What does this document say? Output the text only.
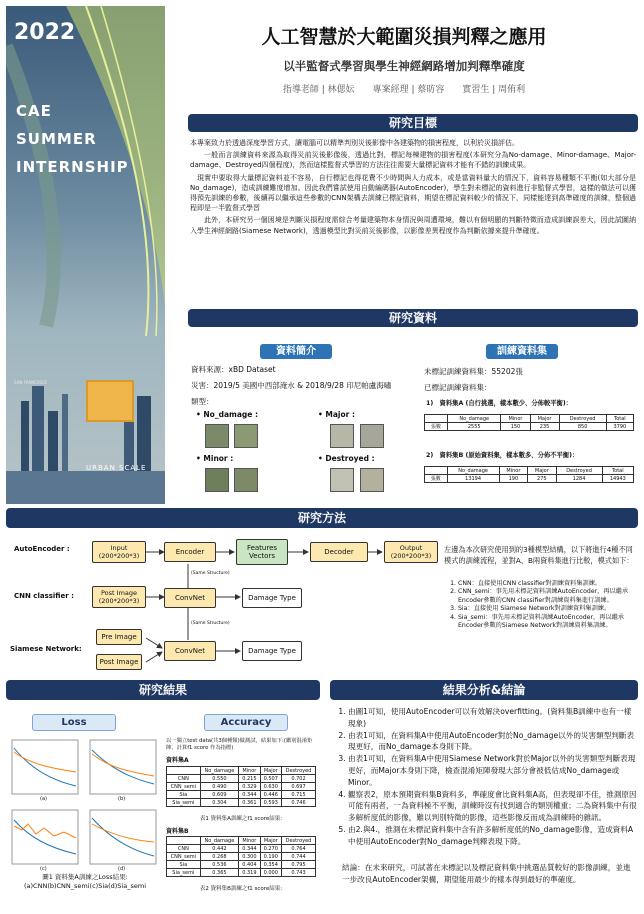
2022
CAE
SUMMER
INTERNSHIP
SAN FRANCISCO
URBAN SCALE
人工智慧於大範圍災損判釋之應用
以半監督式學習與學生神經網路增加判釋準確度
指導老師 | 林偲妘　　專案經理 | 蔡昉容　　實習生 | 周侑利
研究目標

本專案致力於透過深度學習方式，讓電腦可以精準判別災後影像中各建築物的損害程度，以利於災損評估。

一般而言訓練資料來源為取得災前災後影像後，透過比對，標記每棟建物的損害程度(本研究分為No-damage、Minor-damage、Major-damage、Destroyed四個程度)，然而這樣監督式學習的方法往往需要大量標記資料才能有不錯的訓練成果。

現實中要取得大量標記資料並不容易，自行標記也得花費不少時間與人力成本，或是當資料量大的情況下，資料容易種類不平衡(如大部分是No_damage)，造成訓練難度增加。因此我們嘗試使用自動編碼器(AutoEncoder)，學生對未標記的資料進行非監督式學習，這樣的做法可以獲得預先訓練的參數，後續再以繼承這些參數的CNN架構去訓練已標記資料，期望在標記資料較少的情況下，同樣能達到高準確度的訓練，整個過程即是一半監督式學習

此外，本研究另一個困境是判斷災損程度需綜合考量建築物本身情況與周遭環境，難以有個明顯的判斷特徵而造成訓練誤差大，因此試圖納入學生神經網路(Siamese Network)，透過模型比對災前災後影像，以影像差異程度作為判斷依據來提升準確度。

研究資料
資料簡介	訓練資料集
資料來源：xBD Dataset
災害：2019/5 美國中西部淹水 & 2018/9/28 印尼帕盧海嘯
類型：
• No_damage :	• Major :
• Minor :	• Destroyed :
未標記訓練資料集：55202張
已標記訓練資料集：
1)　資料集A (自行挑選，樣本數少、分佈較平衡)：
	No_damage	Minor	Major	Destroyed	Total
張數	2555	150	235	850	3790
2)　資料集B (原始資料集，樣本數多、分佈不平衡)：
	No_damage	Minor	Major	Destroyed	Total
張數	13194	190	275	1284	14943
研究方法
AutoEncoder :
CNN classifier :
Siamese Network:
Input
(200*200*3)	Encoder	Features
Vectors	Decoder	Output
(200*200*3)
(Same Structure)
Post Image
(200*200*3)	ConvNet	Damage Type
(Same Structure)
Pre Image
Post Image
ConvNet	Damage Type
左邊為本次研究使用到的3種模型結構，以下將進行4種不同模式的訓練流程，並對A、B兩資料集進行比較，模式如下：
1. CNN：直接使用CNN classifier對訓練資料集訓練。
2. CNN_semi：事先用未標記資料訓練AutoEncoder，再以繼承Encoder參數的CNN classifier對訓練資料集進行訓練。
3. Sia：直接使用 Siamese Network對訓練資料集訓練。
4. Sia_semi：事先用未標記資料訓練AutoEncoder，再以繼承Encoder參數的Siamese Network對訓練資料集訓練。
研究結果
Loss	Accuracy
(a)	(b)
(c)	(d)
圖1 資料集A訓練之Loss結果:
(a)CNN(b)CNN_semi(c)Sia(d)Sia_semi
以一獨立test data(共3個種類)做測試，結果如下:(鑑別混淆矩陣，計算f1 score 作為指標)
資料集A
	No_damage	Minor	Major	Destroyed
CNN	0.550	0.215	0.507	0.702
CNN_semi	0.490	0.329	0.630	0.697
Sia	0.609	0.344	0.446	0.715
Sia_semi	0.304	0.361	0.593	0.746
表1 資料集A訓練之f1 score結果:
資料集B
	No_damage	Minor	Major	Destroyed
CNN	0.442	0.344	0.270	0.764
CNN_semi	0.268	0.300	0.190	0.744
Sia	0.536	0.404	0.354	0.795
Sia_semi	0.365	0.319	0.000	0.743
表2 資料集B訓練之f1 score結果:
結果分析&結論
1. 由圖1可知，使用AutoEncoder可以有效解決overfitting。(資料集B訓練中也有一樣現象)
2. 由表1可知，在資料集A中使用AutoEncoder對於No_damage以外的災害類型判斷表現更好，而No_damage本身則下降。
3. 由表1可知，在資料集A中使用Siamese Network對於Major以外的災害類型判斷表現更好，而Major本身則下降，檢查混淆矩陣發現大部分會被低估成No_damage或Minor。
4. 觀察表2，原本預期資料集B資料多，準確度會比資料集A高，但表現卻不佳，推測原因可能有兩者，一為資料極不平衡，訓練時沒有找到適合的類別權重；二為資料集中有很多解析度低的影像，難以判別特徵的影像，這些影像反而成為訓練時的雜訊。
5. 由2.與4.，推測在未標記資料集中含有許多解析度低的No_damage影像，造成資料A中使用AutoEncoder對No_damage判釋表現下降。
結論：在未來研究，可試著在未標記以及標記資料集中挑選品質較好的影像訓練，並進一步改良AutoEncoder架構，期望能用最少的樣本得到最好的準確度。
